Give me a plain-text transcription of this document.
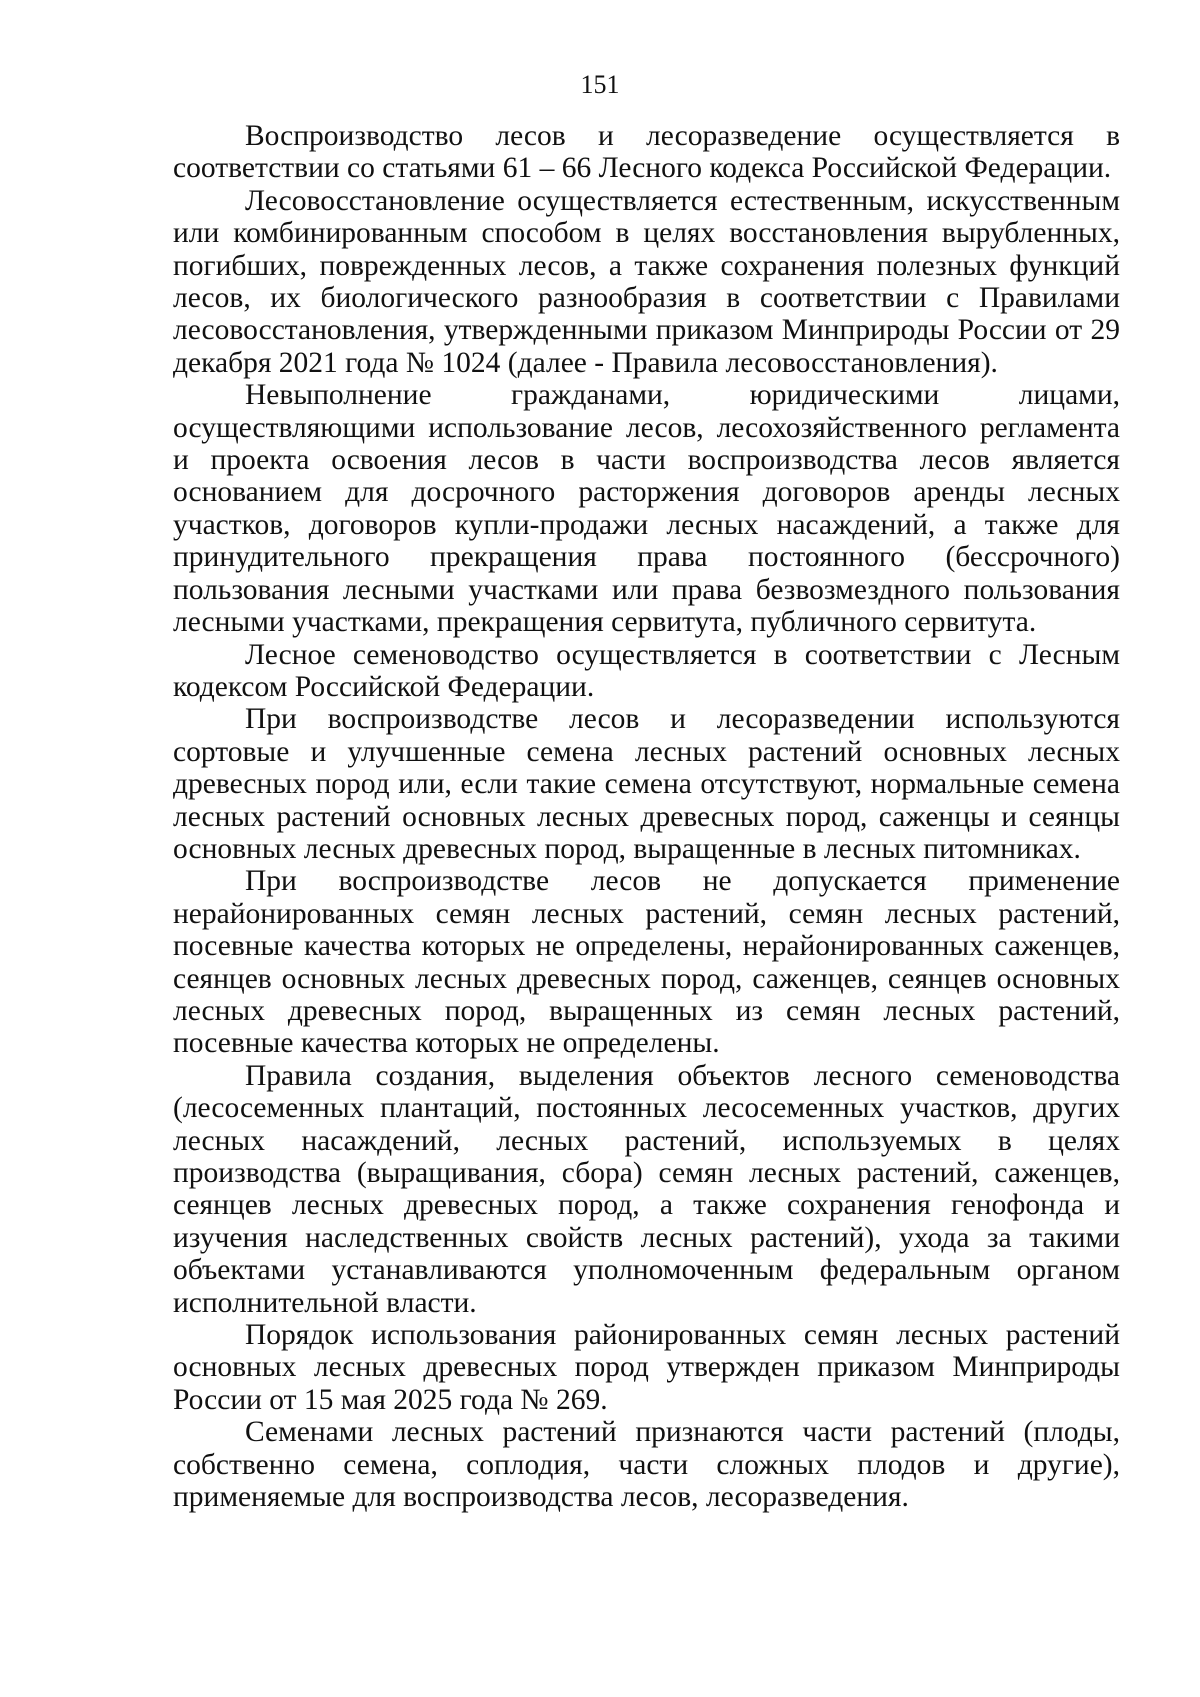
151

Воспроизводство лесов и лесоразведение осуществляется в соответствии со статьями 61 – 66 Лесного кодекса Российской Федерации.

Лесовосстановление осуществляется естественным, искусственным или комбинированным способом в целях восстановления вырубленных, погибших, поврежденных лесов, а также сохранения полезных функций лесов, их биологического разнообразия в соответствии с Правилами лесовосстановления, утвержденными приказом Минприроды России от 29 декабря 2021 года № 1024 (далее - Правила лесовосстановления).

Невыполнение гражданами, юридическими лицами, осуществляющими использование лесов, лесохозяйственного регламента и проекта освоения лесов в части воспроизводства лесов является основанием для досрочного расторжения договоров аренды лесных участков, договоров купли-продажи лесных насаждений, а также для принудительного прекращения права постоянного (бессрочного) пользования лесными участками или права безвозмездного пользования лесными участками, прекращения сервитута, публичного сервитута.

Лесное семеноводство осуществляется в соответствии с Лесным кодексом Российской Федерации.

При воспроизводстве лесов и лесоразведении используются сортовые и улучшенные семена лесных растений основных лесных древесных пород или, если такие семена отсутствуют, нормальные семена лесных растений основных лесных древесных пород, саженцы и сеянцы основных лесных древесных пород, выращенные в лесных питомниках.

При воспроизводстве лесов не допускается применение нерайонированных семян лесных растений, семян лесных растений, посевные качества которых не определены, нерайонированных саженцев, сеянцев основных лесных древесных пород, саженцев, сеянцев основных лесных древесных пород, выращенных из семян лесных растений, посевные качества которых не определены.

Правила создания, выделения объектов лесного семеноводства (лесосеменных плантаций, постоянных лесосеменных участков, других лесных насаждений, лесных растений, используемых в целях производства (выращивания, сбора) семян лесных растений, саженцев, сеянцев лесных древесных пород, а также сохранения генофонда и изучения наследственных свойств лесных растений), ухода за такими объектами устанавливаются уполномоченным федеральным органом исполнительной власти.

Порядок использования районированных семян лесных растений основных лесных древесных пород утвержден приказом Минприроды России от 15 мая 2025 года № 269.

Семенами лесных растений признаются части растений (плоды, собственно семена, соплодия, части сложных плодов и другие), применяемые для воспроизводства лесов, лесоразведения.
